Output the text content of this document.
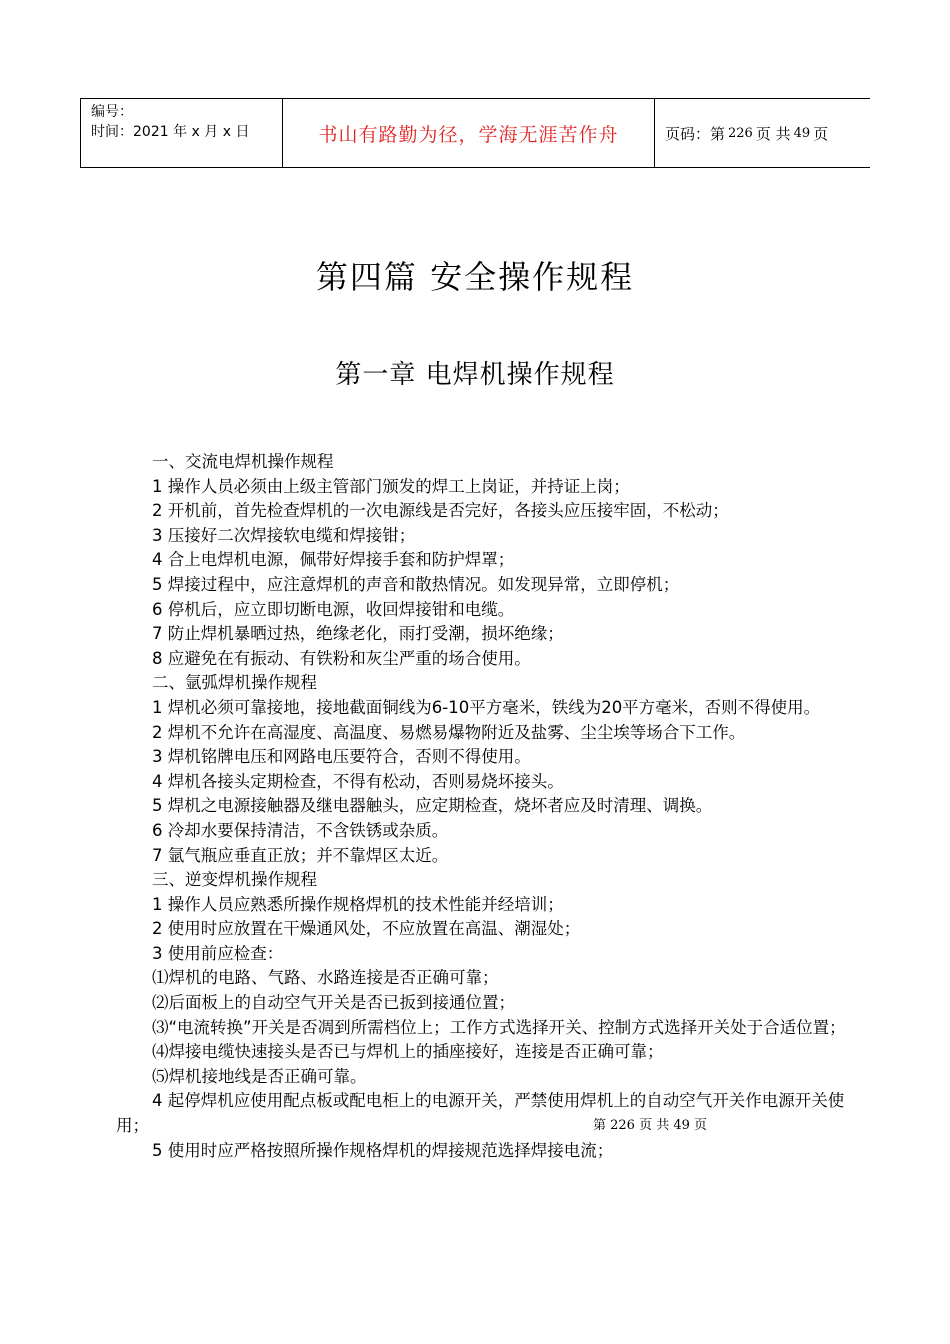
编号：
时间：2021 年 x 月 x 日	书山有路勤为径，学海无涯苦作舟	页码：第 226 页 共 49 页
第四篇 安全操作规程
第一章 电焊机操作规程

一、交流电焊机操作规程

1 操作人员必须由上级主管部门颁发的焊工上岗证，并持证上岗；

2 开机前，首先检查焊机的一次电源线是否完好，各接头应压接牢固，不松动；

3 压接好二次焊接软电缆和焊接钳；

4 合上电焊机电源，佩带好焊接手套和防护焊罩；

5 焊接过程中，应注意焊机的声音和散热情况。如发现异常，立即停机；

6 停机后，应立即切断电源，收回焊接钳和电缆。

7 防止焊机暴晒过热，绝缘老化，雨打受潮，损坏绝缘；

8 应避免在有振动、有铁粉和灰尘严重的场合使用。

二、氩弧焊机操作规程

1 焊机必须可靠接地，接地截面铜线为6-10平方毫米，铁线为20平方毫米，否则不得使用。

2 焊机不允许在高湿度、高温度、易燃易爆物附近及盐雾、尘尘埃等场合下工作。

3 焊机铭牌电压和网路电压要符合，否则不得使用。

4 焊机各接头定期检查，不得有松动，否则易烧坏接头。

5 焊机之电源接触器及继电器触头，应定期检查，烧坏者应及时清理、调换。

6 冷却水要保持清洁，不含铁锈或杂质。

7 氩气瓶应垂直正放；并不靠焊区太近。

三、逆变焊机操作规程

1 操作人员应熟悉所操作规格焊机的技术性能并经培训；

2 使用时应放置在干燥通风处，不应放置在高温、潮湿处；

3 使用前应检查：

⑴焊机的电路、气路、水路连接是否正确可靠；

⑵后面板上的自动空气开关是否已扳到接通位置；

⑶“电流转换”开关是否凋到所需档位上；工作方式选择开关、控制方式选择开关处于合适位置；

⑷焊接电缆快速接头是否已与焊机上的插座接好，连接是否正确可靠；

⑸焊机接地线是否正确可靠。

4 起停焊机应使用配点板或配电柜上的电源开关，严禁使用焊机上的自动空气开关作电源开关使用；

5 使用时应严格按照所操作规格焊机的焊接规范选择焊接电流；

第 226 页 共 49 页
